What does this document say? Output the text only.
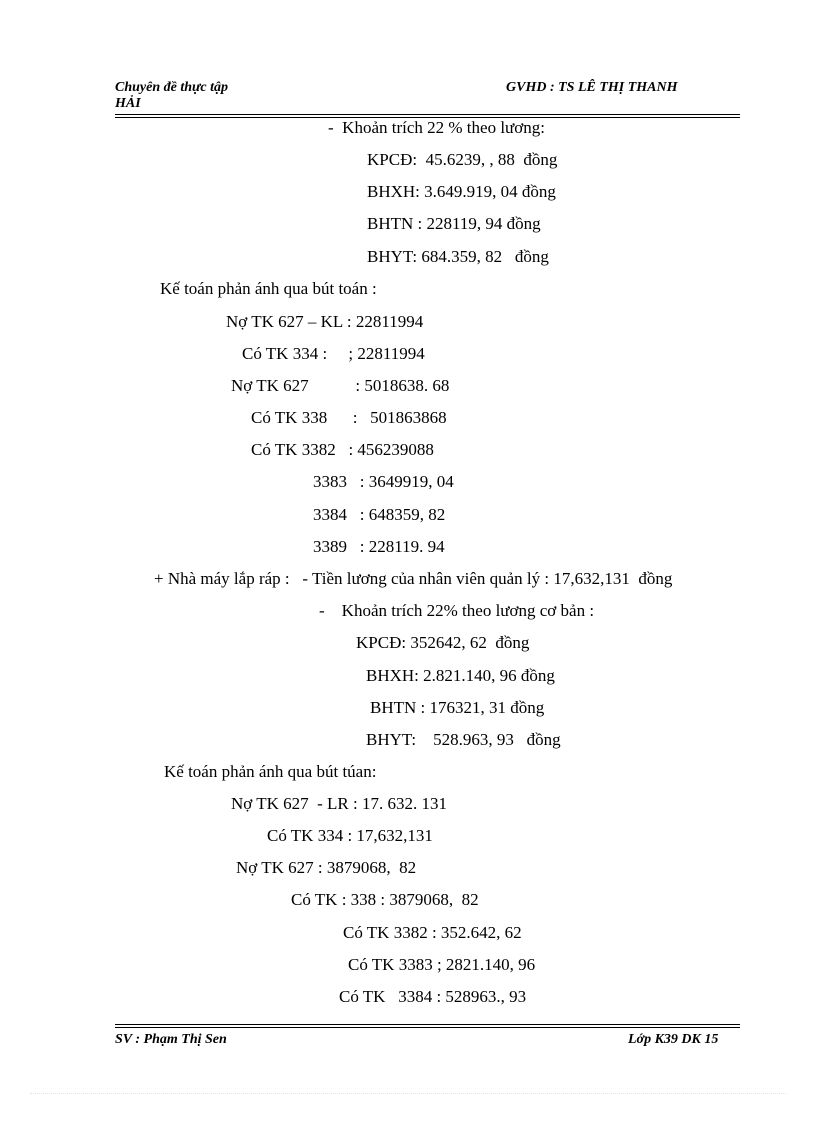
Chuyên đề thực tập
HẢI
GVHD : TS LÊ THỊ THANH
-  Khoản trích 22 % theo lương:
KPCĐ:  45.6239, , 88  đồng
BHXH: 3.649.919, 04 đồng
BHTN : 228119, 94 đồng
BHYT: 684.359, 82   đồng
Kế toán phản ánh qua bút toán :
Nợ TK 627 – KL : 22811994
Có TK 334 :     ; 22811994
Nợ TK 627           : 5018638. 68
Có TK 338      :   501863868
Có TK 3382   : 456239088
3383   : 3649919, 04
3384   : 648359, 82
3389   : 228119. 94
+ Nhà máy lắp ráp :   - Tiền lương của nhân viên quản lý : 17,632,131  đồng
-    Khoản trích 22% theo lương cơ bản :
KPCĐ: 352642, 62  đồng
BHXH: 2.821.140, 96 đồng
BHTN : 176321, 31 đồng
BHYT:    528.963, 93   đồng
Kế toán phản ánh qua bút túan:
Nợ TK 627  - LR : 17. 632. 131
Có TK 334 : 17,632,131
Nợ TK 627 : 3879068,  82
Có TK : 338 : 3879068,  82
Có TK 3382 : 352.642, 62
Có TK 3383 ; 2821.140, 96
Có TK   3384 : 528963., 93
SV : Phạm Thị Sen	Lớp K39 DK 15
